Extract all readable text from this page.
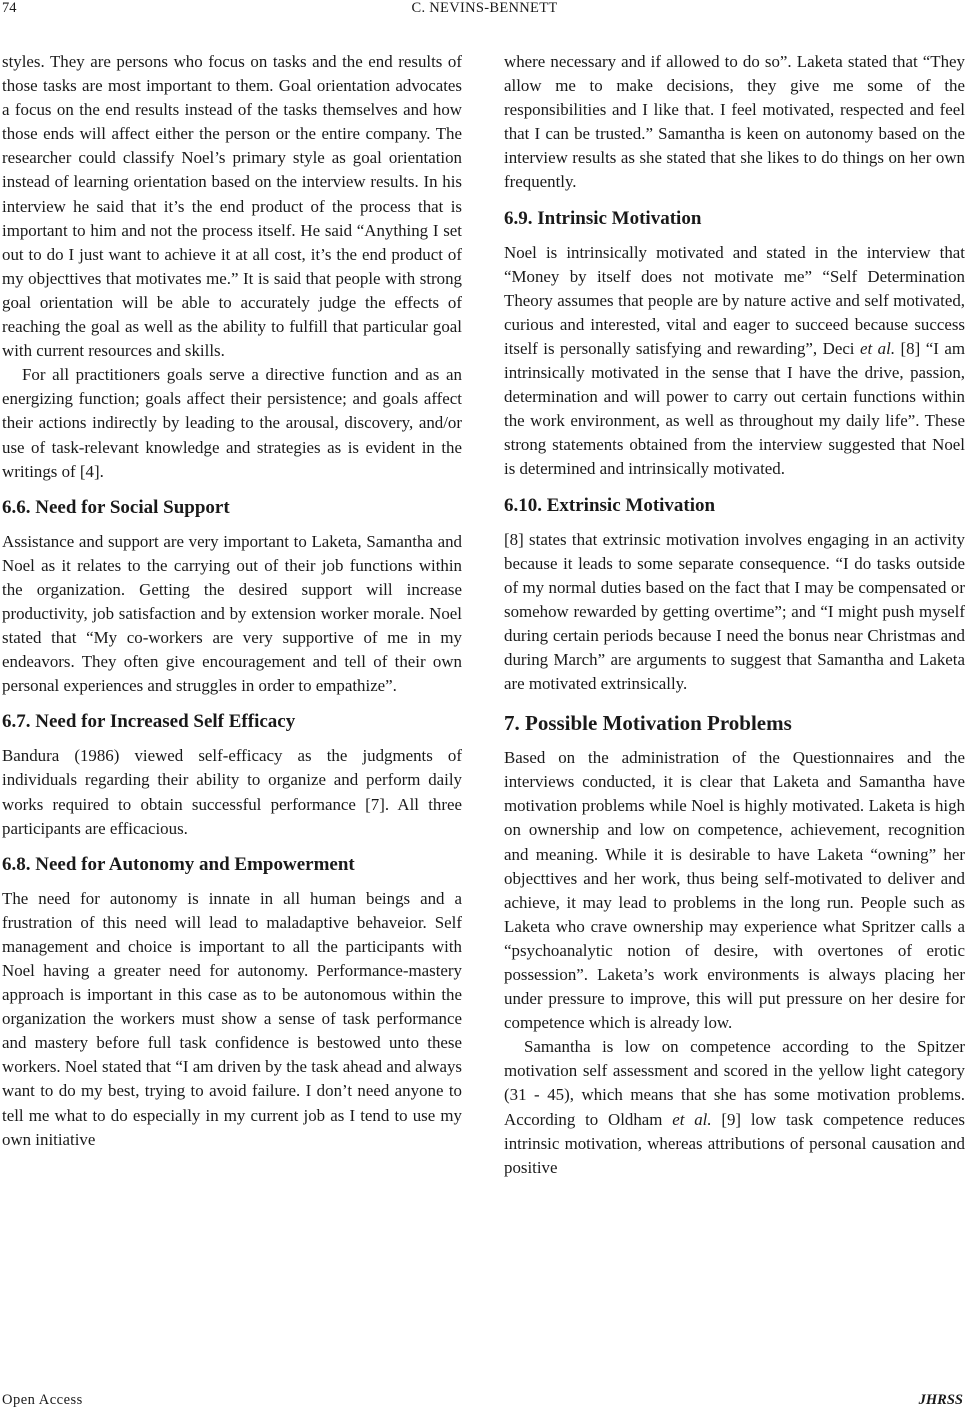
74	C. NEVINS-BENNETT

styles. They are persons who focus on tasks and the end results of those tasks are most important to them. Goal orientation advocates a focus on the end results instead of the tasks themselves and how those ends will affect either the person or the entire company. The researcher could classify Noel’s primary style as goal orientation instead of learning orientation based on the interview results. In his interview he said that it’s the end product of the process that is important to him and not the process itself. He said “Anything I set out to do I just want to achieve it at all cost, it’s the end product of my objecttives that motivates me.” It is said that people with strong goal orientation will be able to accurately judge the effects of reaching the goal as well as the ability to fulfill that particular goal with current resources and skills.

For all practitioners goals serve a directive function and as an energizing function; goals affect their persistence; and goals affect their actions indirectly by leading to the arousal, discovery, and/or use of task-relevant knowledge and strategies as is evident in the writings of [4].

6.6. Need for Social Support

Assistance and support are very important to Laketa, Samantha and Noel as it relates to the carrying out of their job functions within the organization. Getting the desired support will increase productivity, job satisfaction and by extension worker morale. Noel stated that “My co-workers are very supportive of me in my endeavors. They often give encouragement and tell of their own personal experiences and struggles in order to empathize”.

6.7. Need for Increased Self Efficacy

Bandura (1986) viewed self-efficacy as the judgments of individuals regarding their ability to organize and perform daily works required to obtain successful performance [7]. All three participants are efficacious.

6.8. Need for Autonomy and Empowerment

The need for autonomy is innate in all human beings and a frustration of this need will lead to maladaptive behaveior. Self management and choice is important to all the participants with Noel having a greater need for autonomy. Performance-mastery approach is important in this case as to be autonomous within the organization the workers must show a sense of task performance and mastery before full task confidence is bestowed unto these workers. Noel stated that “I am driven by the task ahead and always want to do my best, trying to avoid failure. I don’t need anyone to tell me what to do especially in my current job as I tend to use my own initiative

where necessary and if allowed to do so”. Laketa stated that “They allow me to make decisions, they give me some of the responsibilities and I like that. I feel motivated, respected and feel that I can be trusted.” Samantha is keen on autonomy based on the interview results as she stated that she likes to do things on her own frequently.

6.9. Intrinsic Motivation

Noel is intrinsically motivated and stated in the interview that “Money by itself does not motivate me” “Self Determination Theory assumes that people are by nature active and self motivated, curious and interested, vital and eager to succeed because success itself is personally satisfying and rewarding”, Deci et al. [8] “I am intrinsically motivated in the sense that I have the drive, passion, determination and will power to carry out certain functions within the work environment, as well as throughout my daily life”. These strong statements obtained from the interview suggested that Noel is determined and intrinsically motivated.

6.10. Extrinsic Motivation

[8] states that extrinsic motivation involves engaging in an activity because it leads to some separate consequence. “I do tasks outside of my normal duties based on the fact that I may be compensated or somehow rewarded by getting overtime”; and “I might push myself during certain periods because I need the bonus near Christmas and during March” are arguments to suggest that Samantha and Laketa are motivated extrinsically.

7. Possible Motivation Problems

Based on the administration of the Questionnaires and the interviews conducted, it is clear that Laketa and Samantha have motivation problems while Noel is highly motivated. Laketa is high on ownership and low on competence, achievement, recognition and meaning. While it is desirable to have Laketa “owning” her objecttives and her work, thus being self-motivated to deliver and achieve, it may lead to problems in the long run. People such as Laketa who crave ownership may experience what Spritzer calls a “psychoanalytic notion of desire, with overtones of erotic possession”. Laketa’s work environments is always placing her under pressure to improve, this will put pressure on her desire for competence which is already low.

Samantha is low on competence according to the Spitzer motivation self assessment and scored in the yellow light category (31 - 45), which means that she has some motivation problems. According to Oldham et al. [9] low task competence reduces intrinsic motivation, whereas attributions of personal causation and positive

Open Access	JHRSS
